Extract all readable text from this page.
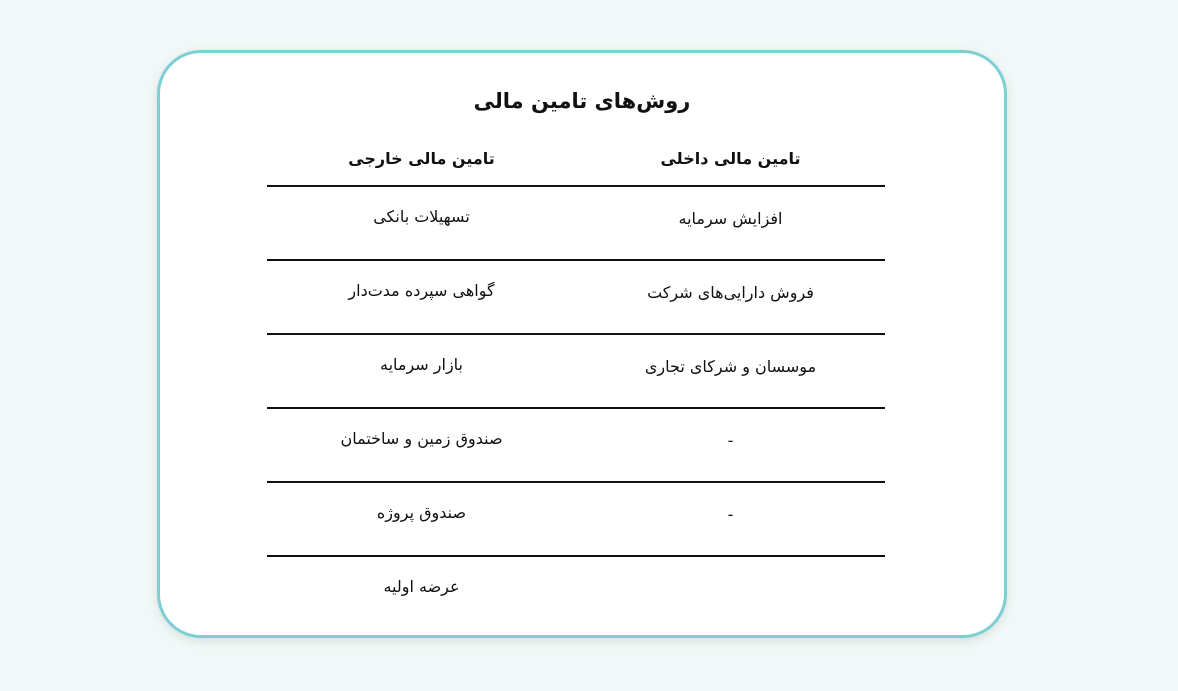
روش‌های تامین مالی
تامین مالی داخلی
تامین مالی خارجی
افزایش سرمایه
تسهیلات بانکی
فروش دارایی‌های شرکت
گواهی سپرده مدت‌دار
موسسان و شرکای تجاری
بازار سرمایه
-
صندوق زمین و ساختمان
-
صندوق پروژه
عرضه اولیه
